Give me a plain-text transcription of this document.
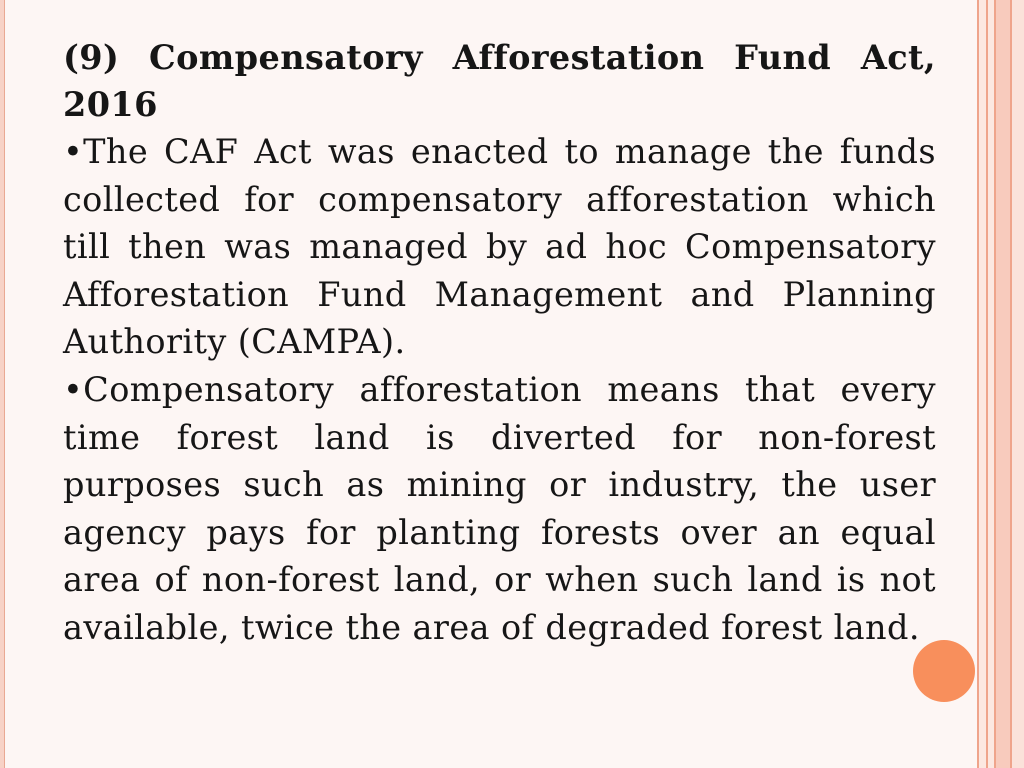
(9) Compensatory Afforestation Fund Act, 2016

•The CAF Act was enacted to manage the funds collected for compensatory afforestation which till then was managed by ad hoc Compensatory Afforestation Fund Management and Planning Authority (CAMPA).

•Compensatory afforestation means that every time forest land is diverted for non-forest purposes such as mining or industry, the user agency pays for planting forests over an equal area of non-forest land, or when such land is not available, twice the area of degraded forest land.
